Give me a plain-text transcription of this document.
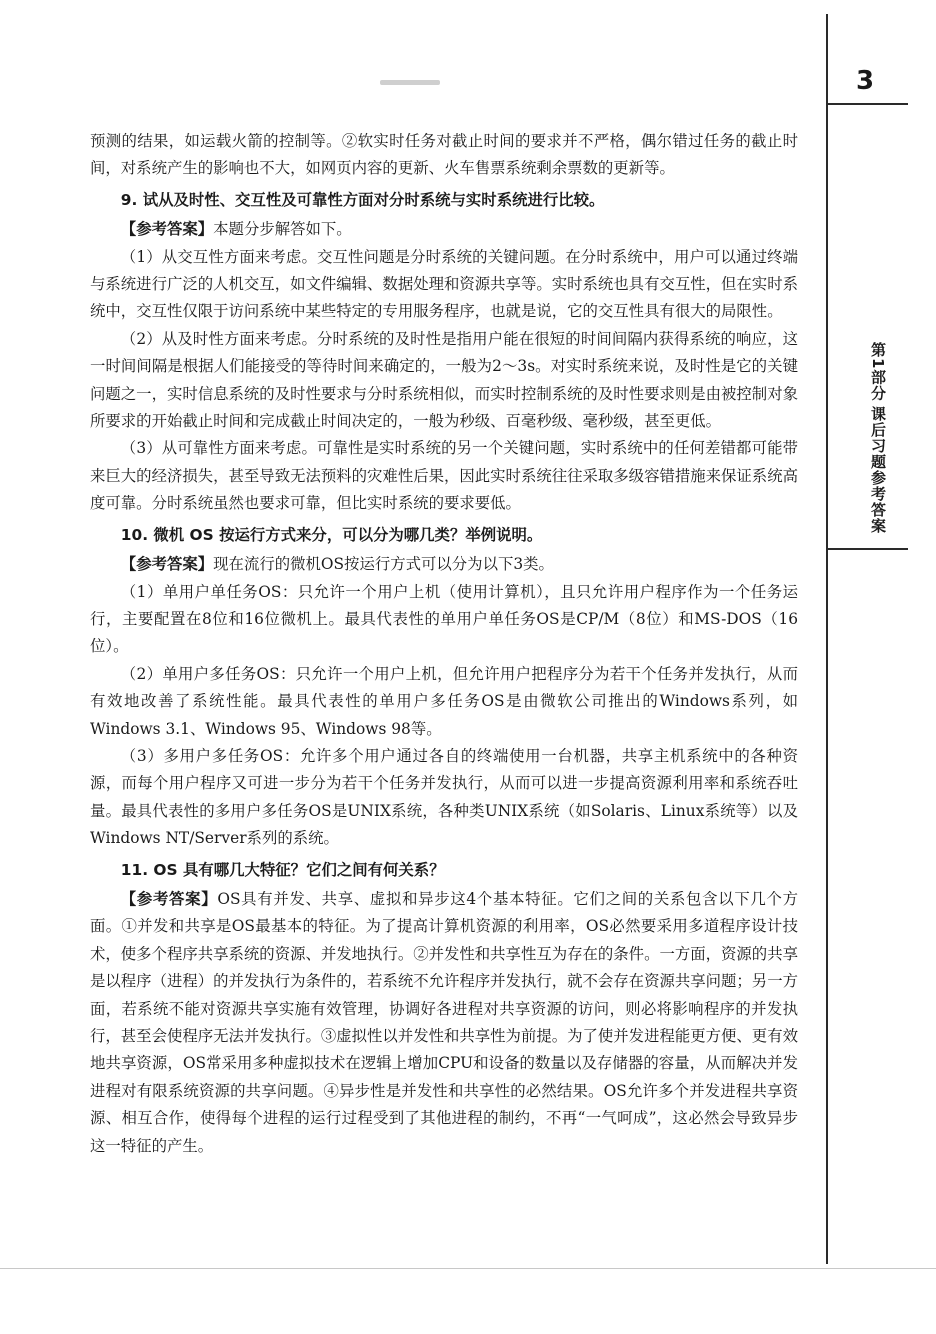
3
第1部分
课后习题参考答案

预测的结果，如运载火箭的控制等。②软实时任务对截止时间的要求并不严格，偶尔错过任务的截止时间，对系统产生的影响也不大，如网页内容的更新、火车售票系统剩余票数的更新等。

9. 试从及时性、交互性及可靠性方面对分时系统与实时系统进行比较。

【参考答案】本题分步解答如下。

（1）从交互性方面来考虑。交互性问题是分时系统的关键问题。在分时系统中，用户可以通过终端与系统进行广泛的人机交互，如文件编辑、数据处理和资源共享等。实时系统也具有交互性，但在实时系统中，交互性仅限于访问系统中某些特定的专用服务程序，也就是说，它的交互性具有很大的局限性。

（2）从及时性方面来考虑。分时系统的及时性是指用户能在很短的时间间隔内获得系统的响应，这一时间间隔是根据人们能接受的等待时间来确定的，一般为2～3s。对实时系统来说，及时性是它的关键问题之一，实时信息系统的及时性要求与分时系统相似，而实时控制系统的及时性要求则是由被控制对象所要求的开始截止时间和完成截止时间决定的，一般为秒级、百毫秒级、毫秒级，甚至更低。

（3）从可靠性方面来考虑。可靠性是实时系统的另一个关键问题，实时系统中的任何差错都可能带来巨大的经济损失，甚至导致无法预料的灾难性后果，因此实时系统往往采取多级容错措施来保证系统高度可靠。分时系统虽然也要求可靠，但比实时系统的要求要低。

10. 微机 OS 按运行方式来分，可以分为哪几类？举例说明。

【参考答案】现在流行的微机OS按运行方式可以分为以下3类。

（1）单用户单任务OS：只允许一个用户上机（使用计算机），且只允许用户程序作为一个任务运行，主要配置在8位和16位微机上。最具代表性的单用户单任务OS是CP/M（8位）和MS-DOS（16位）。

（2）单用户多任务OS：只允许一个用户上机，但允许用户把程序分为若干个任务并发执行，从而有效地改善了系统性能。最具代表性的单用户多任务OS是由微软公司推出的Windows系列，如Windows 3.1、Windows 95、Windows 98等。

（3）多用户多任务OS：允许多个用户通过各自的终端使用一台机器，共享主机系统中的各种资源，而每个用户程序又可进一步分为若干个任务并发执行，从而可以进一步提高资源利用率和系统吞吐量。最具代表性的多用户多任务OS是UNIX系统，各种类UNIX系统（如Solaris、Linux系统等）以及Windows NT/Server系列的系统。

11. OS 具有哪几大特征？它们之间有何关系？

【参考答案】OS具有并发、共享、虚拟和异步这4个基本特征。它们之间的关系包含以下几个方面。①并发和共享是OS最基本的特征。为了提高计算机资源的利用率，OS必然要采用多道程序设计技术，使多个程序共享系统的资源、并发地执行。②并发性和共享性互为存在的条件。一方面，资源的共享是以程序（进程）的并发执行为条件的，若系统不允许程序并发执行，就不会存在资源共享问题；另一方面，若系统不能对资源共享实施有效管理，协调好各进程对共享资源的访问，则必将影响程序的并发执行，甚至会使程序无法并发执行。③虚拟性以并发性和共享性为前提。为了使并发进程能更方便、更有效地共享资源，OS常采用多种虚拟技术在逻辑上增加CPU和设备的数量以及存储器的容量，从而解决并发进程对有限系统资源的共享问题。④异步性是并发性和共享性的必然结果。OS允许多个并发进程共享资源、相互合作，使得每个进程的运行过程受到了其他进程的制约，不再“一气呵成”，这必然会导致异步这一特征的产生。
